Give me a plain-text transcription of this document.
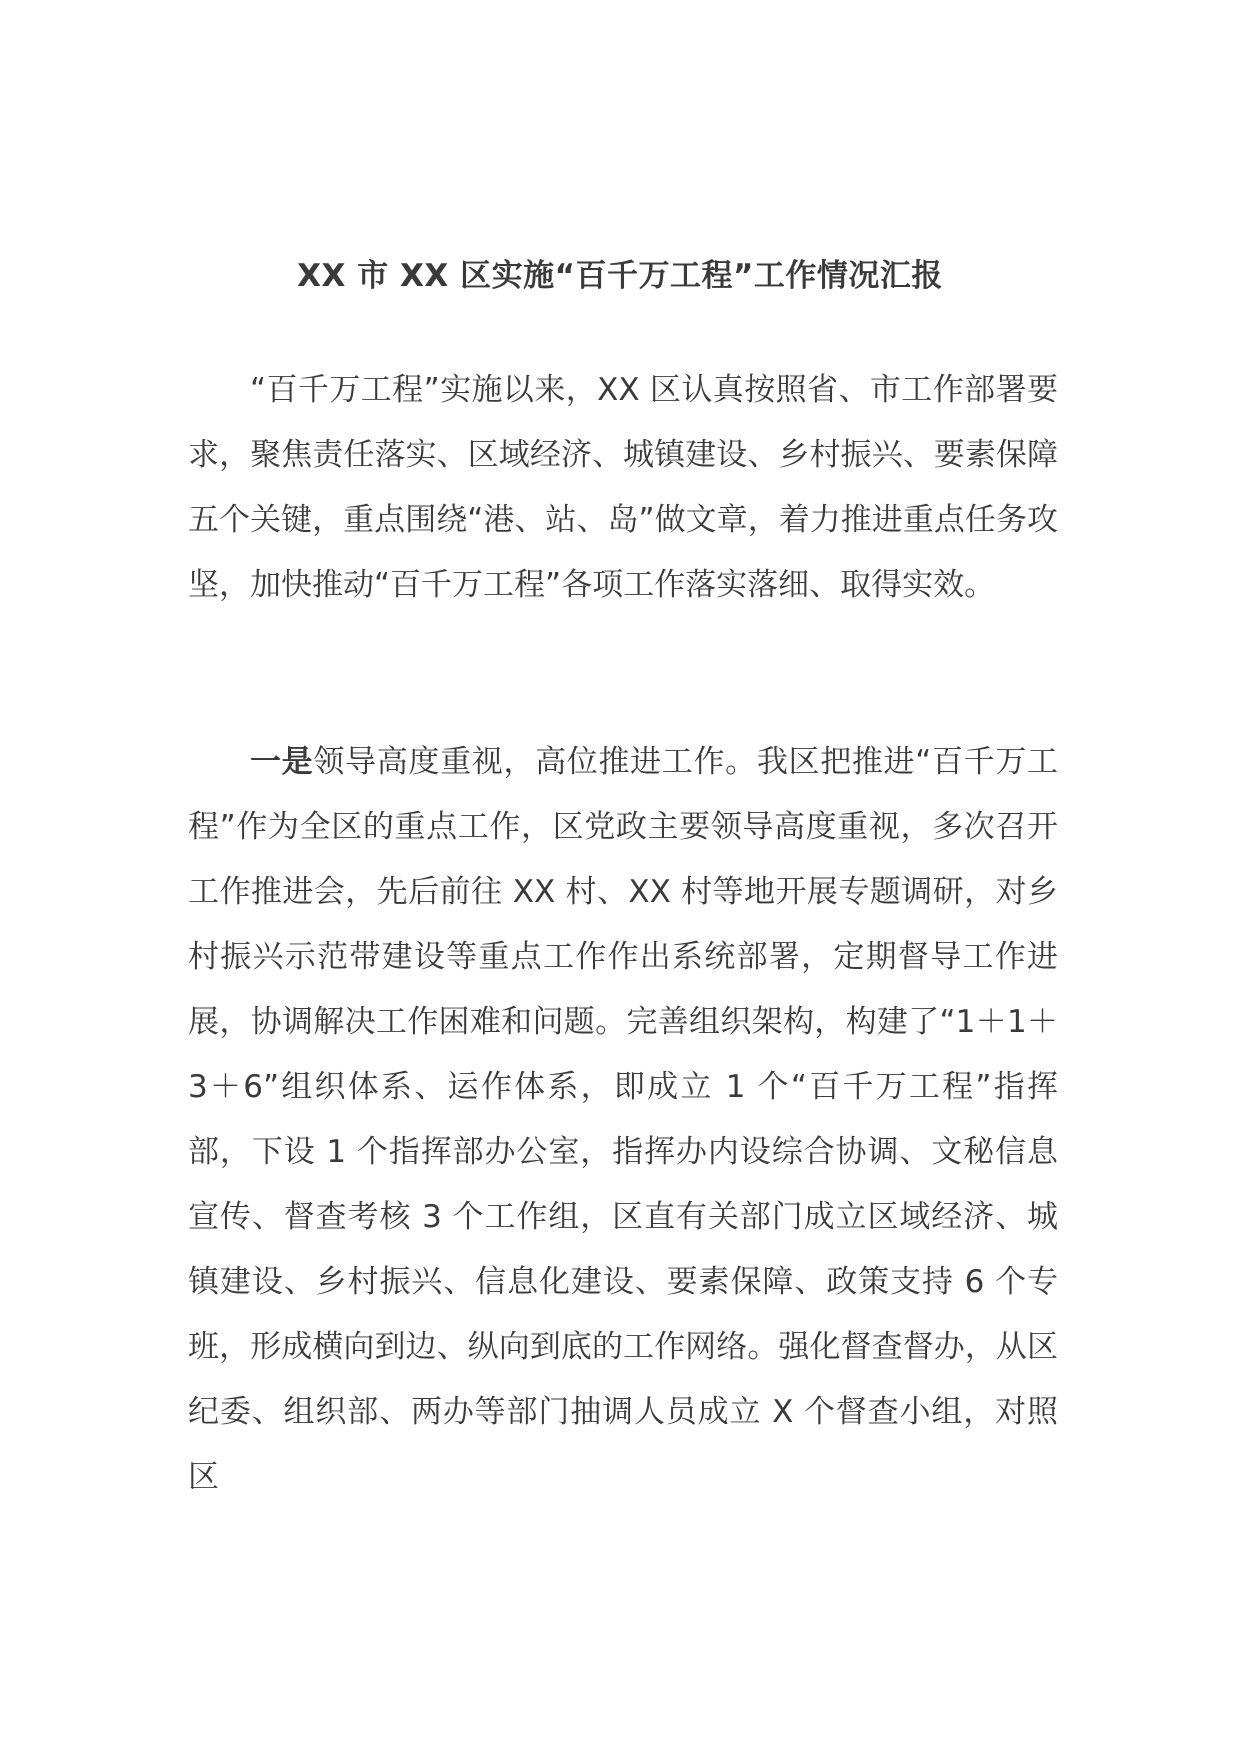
XX 市 XX 区实施“百千万工程”工作情况汇报

“百千万工程”实施以来，XX 区认真按照省、市工作部署要求，聚焦责任落实、区域经济、城镇建设、乡村振兴、要素保障五个关键，重点围绕“港、站、岛”做文章，着力推进重点任务攻坚，加快推动“百千万工程”各项工作落实落细、取得实效。

一是领导高度重视，高位推进工作。我区把推进“百千万工程”作为全区的重点工作，区党政主要领导高度重视，多次召开工作推进会，先后前往 XX 村、XX 村等地开展专题调研，对乡村振兴示范带建设等重点工作作出系统部署，定期督导工作进展，协调解决工作困难和问题。完善组织架构，构建了“1＋1＋3＋6”组织体系、运作体系，即成立 1 个“百千万工程”指挥部，下设 1 个指挥部办公室，指挥办内设综合协调、文秘信息宣传、督查考核 3 个工作组，区直有关部门成立区域经济、城镇建设、乡村振兴、信息化建设、要素保障、政策支持 6 个专班，形成横向到边、纵向到底的工作网络。强化督查督办，从区纪委、组织部、两办等部门抽调人员成立 X 个督查小组，对照区
